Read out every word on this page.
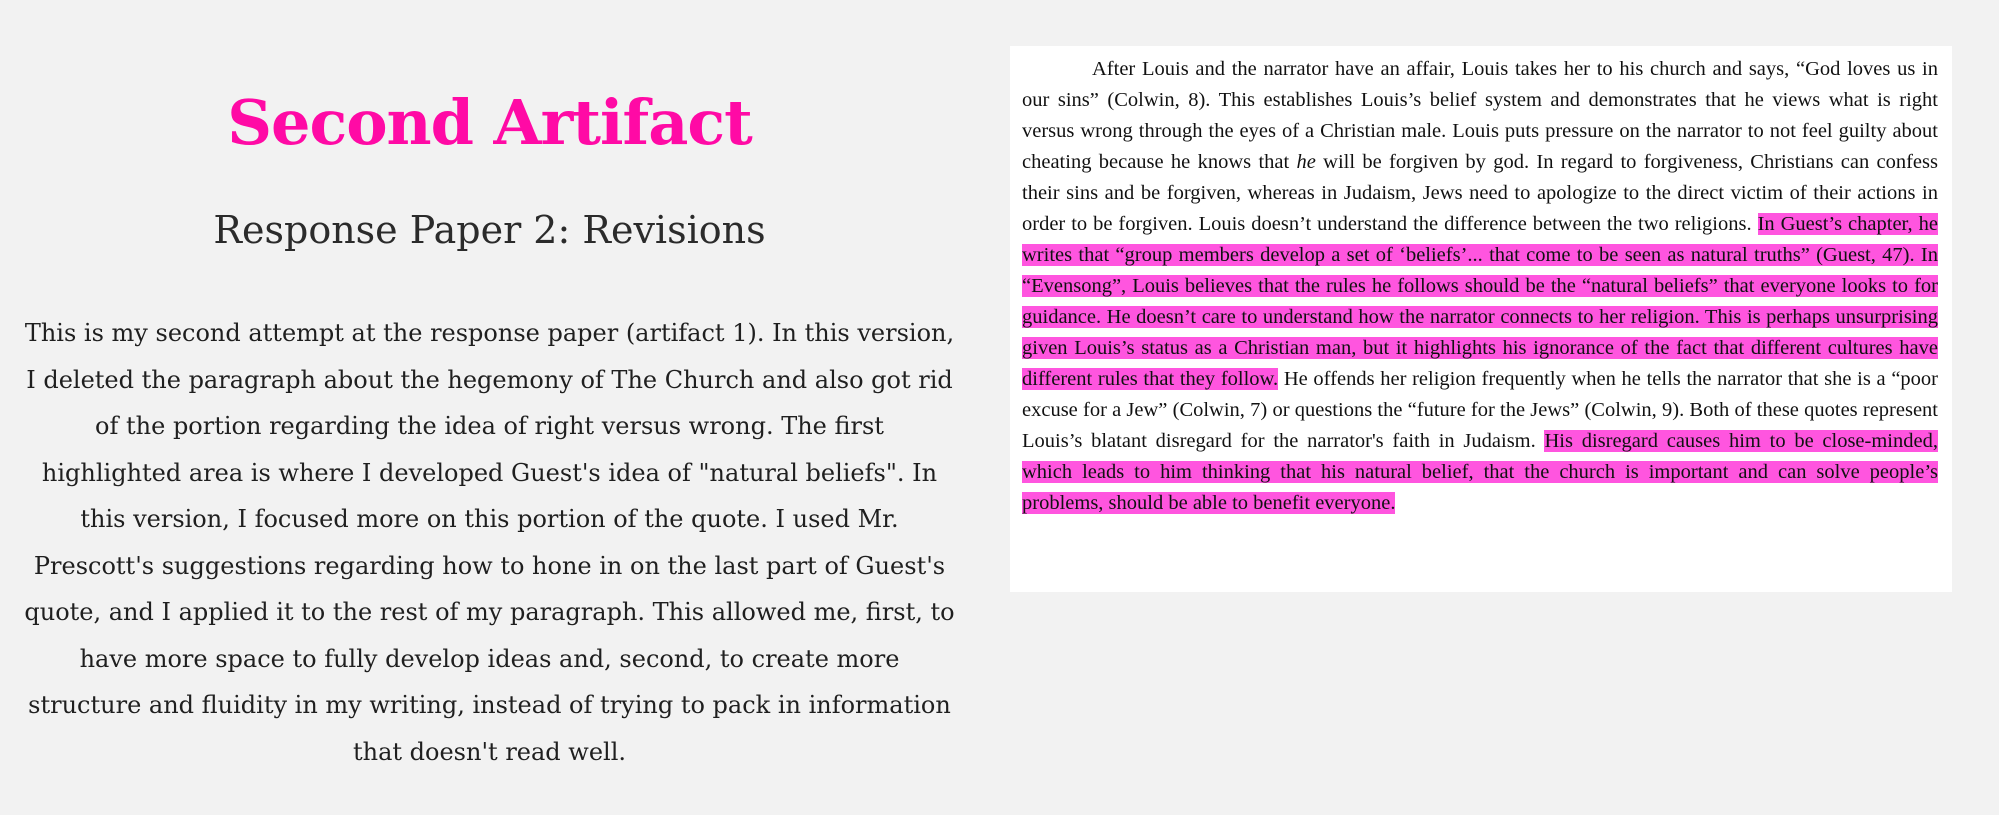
Second Artifact
Response Paper 2: Revisions

This is my second attempt at the response paper (artifact 1). In this version, I deleted the paragraph about the hegemony of The Church and also got rid of the portion regarding the idea of right versus wrong. The first highlighted area is where I developed Guest's idea of "natural beliefs". In this version, I focused more on this portion of the quote. I used Mr. Prescott's suggestions regarding how to hone in on the last part of Guest's quote, and I applied it to the rest of my paragraph. This allowed me, first, to have more space to fully develop ideas and, second, to create more structure and fluidity in my writing, instead of trying to pack in information that doesn't read well.

After Louis and the narrator have an affair, Louis takes her to his church and says, “God loves us in our sins” (Colwin, 8). This establishes Louis’s belief system and demonstrates that he views what is right versus wrong through the eyes of a Christian male. Louis puts pressure on the narrator to not feel guilty about cheating because he knows that he will be forgiven by god. In regard to forgiveness, Christians can confess their sins and be forgiven, whereas in Judaism, Jews need to apologize to the direct victim of their actions in order to be forgiven. Louis doesn’t understand the difference between the two religions. In Guest’s chapter, he writes that “group members develop a set of ‘beliefs’... that come to be seen as natural truths” (Guest, 47). In “Evensong”, Louis believes that the rules he follows should be the “natural beliefs” that everyone looks to for guidance. He doesn’t care to understand how the narrator connects to her religion. This is perhaps unsurprising given Louis’s status as a Christian man, but it highlights his ignorance of the fact that different cultures have different rules that they follow. He offends her religion frequently when he tells the narrator that she is a “poor excuse for a Jew” (Colwin, 7) or questions the “future for the Jews” (Colwin, 9). Both of these quotes represent Louis’s blatant disregard for the narrator's faith in Judaism. His disregard causes him to be close-minded, which leads to him thinking that his natural belief, that the church is important and can solve people’s problems, should be able to benefit everyone.
